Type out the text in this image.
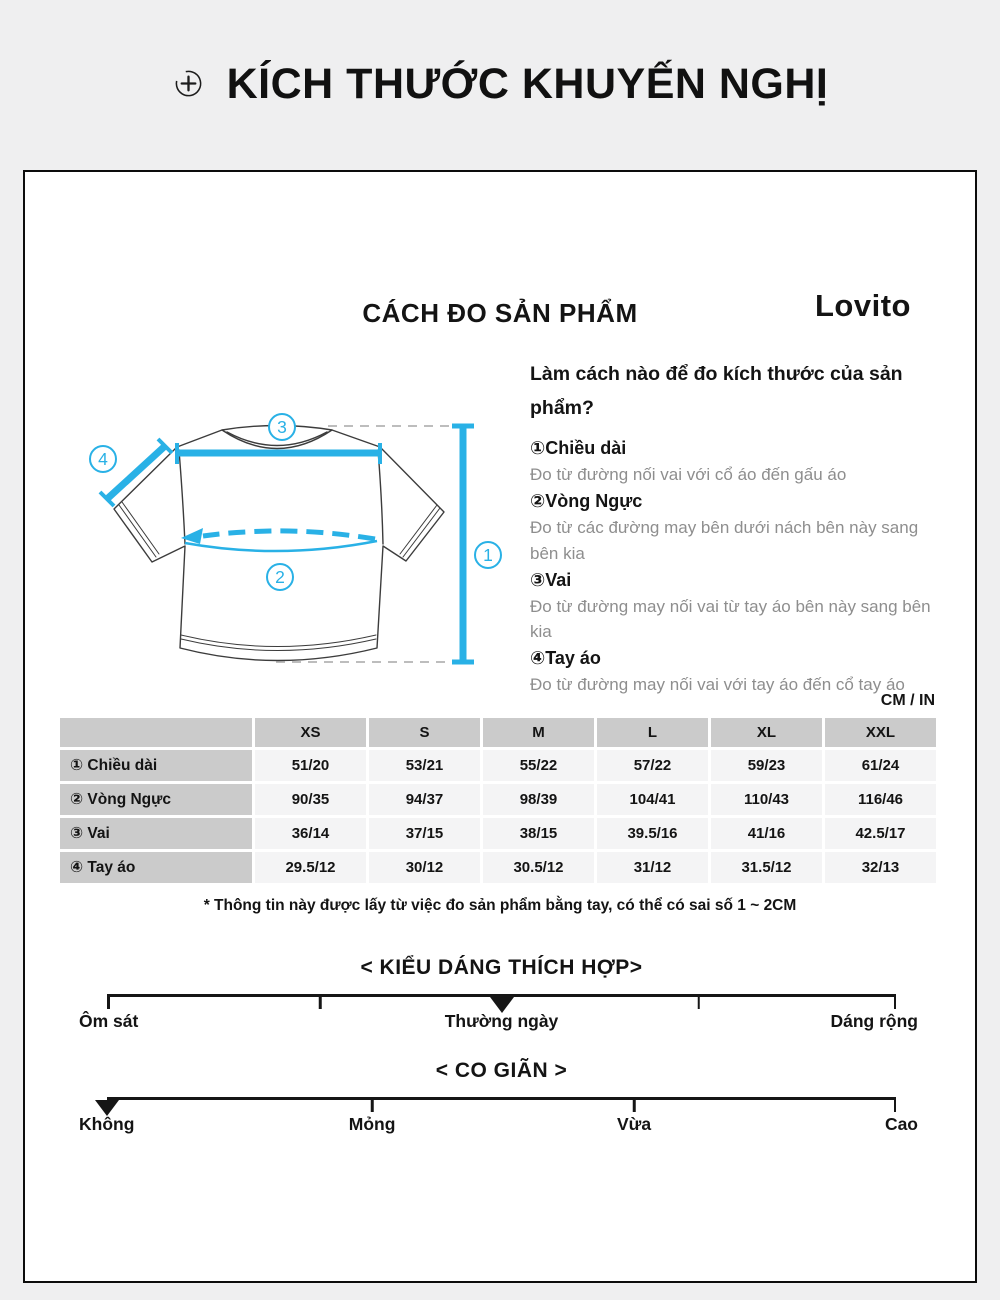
KÍCH THƯỚC KHUYẾN NGHỊ
CÁCH ĐO SẢN PHẨM	Lovito
1
2
3
4

Làm cách nào để đo kích thước của sản phẩm?

①Chiều dài
Đo từ đường nối vai với cổ áo đến gấu áo
②Vòng Ngực
Đo từ các đường may bên dưới nách bên này sang bên kia
③Vai
Đo từ đường may nối vai từ tay áo bên này sang bên kia
④Tay áo
Đo từ đường may nối vai với tay áo đến cổ tay áo
CM / IN
	XS	S	M	L	XL	XXL
① Chiều dài	51/20	53/21	55/22	57/22	59/23	61/24
② Vòng Ngực	90/35	94/37	98/39	104/41	110/43	116/46
③ Vai	36/14	37/15	38/15	39.5/16	41/16	42.5/17
④ Tay áo	29.5/12	30/12	30.5/12	31/12	31.5/12	32/13

* Thông tin này được lấy từ việc đo sản phẩm bằng tay, có thể có sai số 1 ~ 2CM

< KIỂU DÁNG THÍCH HỢP>
Ôm sát	Thường ngày	Dáng rộng
< CO GIÃN >
Không	Mỏng	Vừa	Cao
